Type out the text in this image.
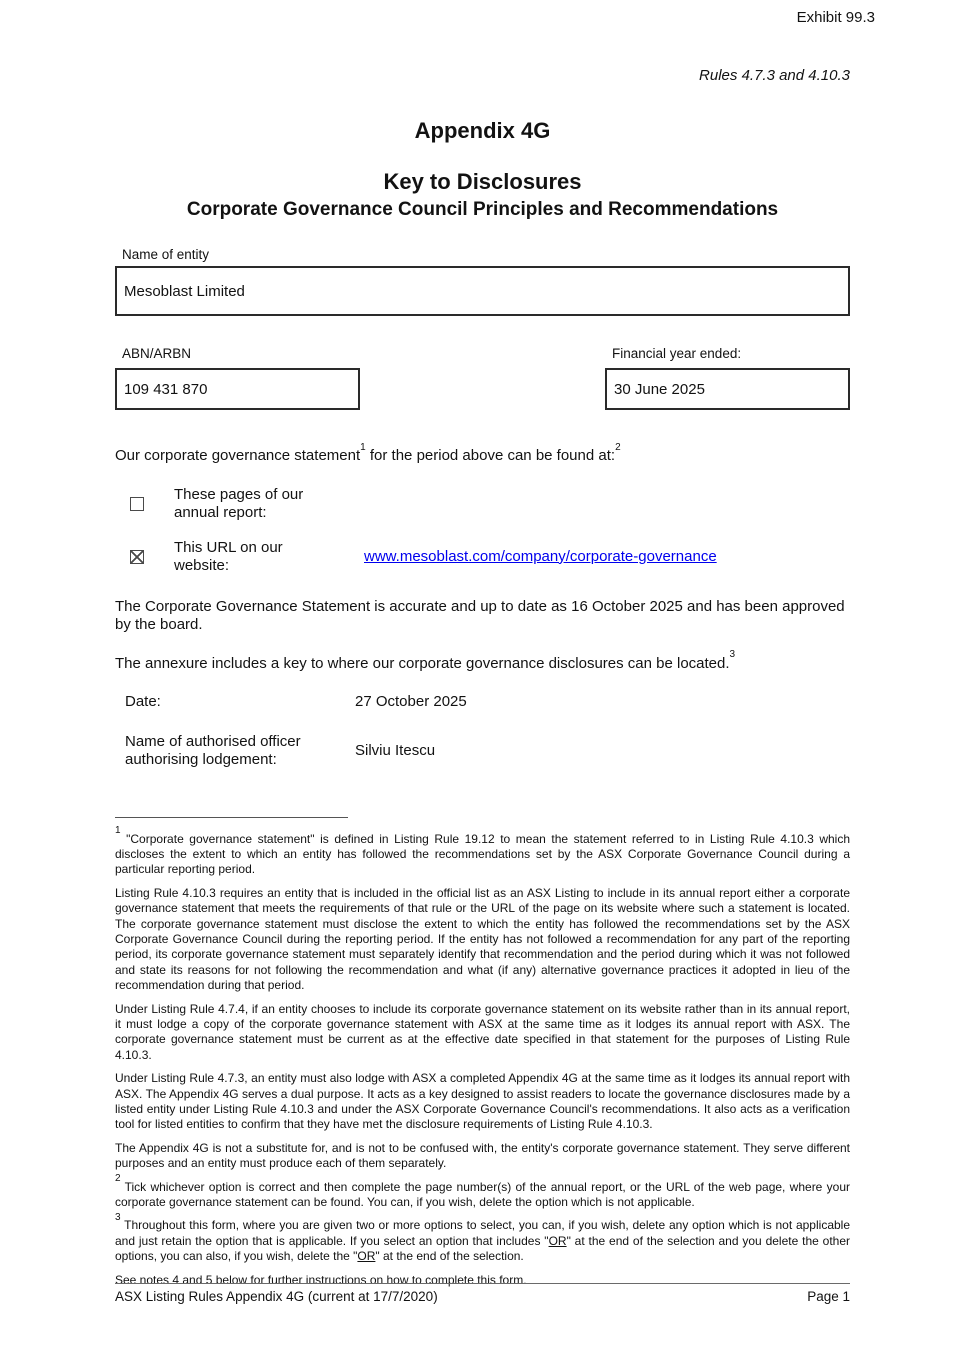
Exhibit 99.3
Rules 4.7.3 and 4.10.3
Appendix 4G
Key to Disclosures
Corporate Governance Council Principles and Recommendations
Name of entity
Mesoblast Limited
ABN/ARBN
109 431 870
Financial year ended:
30 June 2025

Our corporate governance statement$^1$ for the period above can be found at:$^2$

These pages of our annual report:
This URL on our website:
www.mesoblast.com/company/corporate-governance

The Corporate Governance Statement is accurate and up to date as 16 October 2025 and has been approved by the board.

The annexure includes a key to where our corporate governance disclosures can be located.$^3$

Date:	27 October 2025
Name of authorised officer authorising lodgement:
Silviu Itescu

$^1$ "Corporate governance statement" is defined in Listing Rule 19.12 to mean the statement referred to in Listing Rule 4.10.3 which discloses the extent to which an entity has followed the recommendations set by the ASX Corporate Governance Council during a particular reporting period.

Listing Rule 4.10.3 requires an entity that is included in the official list as an ASX Listing to include in its annual report either a corporate governance statement that meets the requirements of that rule or the URL of the page on its website where such a statement is located. The corporate governance statement must disclose the extent to which the entity has followed the recommendations set by the ASX Corporate Governance Council during the reporting period. If the entity has not followed a recommendation for any part of the reporting period, its corporate governance statement must separately identify that recommendation and the period during which it was not followed and state its reasons for not following the recommendation and what (if any) alternative governance practices it adopted in lieu of the recommendation during that period.

Under Listing Rule 4.7.4, if an entity chooses to include its corporate governance statement on its website rather than in its annual report, it must lodge a copy of the corporate governance statement with ASX at the same time as it lodges its annual report with ASX. The corporate governance statement must be current as at the effective date specified in that statement for the purposes of Listing Rule 4.10.3.

Under Listing Rule 4.7.3, an entity must also lodge with ASX a completed Appendix 4G at the same time as it lodges its annual report with ASX. The Appendix 4G serves a dual purpose. It acts as a key designed to assist readers to locate the governance disclosures made by a listed entity under Listing Rule 4.10.3 and under the ASX Corporate Governance Council's recommendations. It also acts as a verification tool for listed entities to confirm that they have met the disclosure requirements of Listing Rule 4.10.3.

The Appendix 4G is not a substitute for, and is not to be confused with, the entity's corporate governance statement. They serve different purposes and an entity must produce each of them separately.

$^2$ Tick whichever option is correct and then complete the page number(s) of the annual report, or the URL of the web page, where your corporate governance statement can be found. You can, if you wish, delete the option which is not applicable.

$^3$ Throughout this form, where you are given two or more options to select, you can, if you wish, delete any option which is not applicable and just retain the option that is applicable. If you select an option that includes "OR" at the end of the selection and you delete the other options, you can also, if you wish, delete the "OR" at the end of the selection.

See notes 4 and 5 below for further instructions on how to complete this form.

ASX Listing Rules Appendix 4G (current at 17/7/2020)	Page 1
